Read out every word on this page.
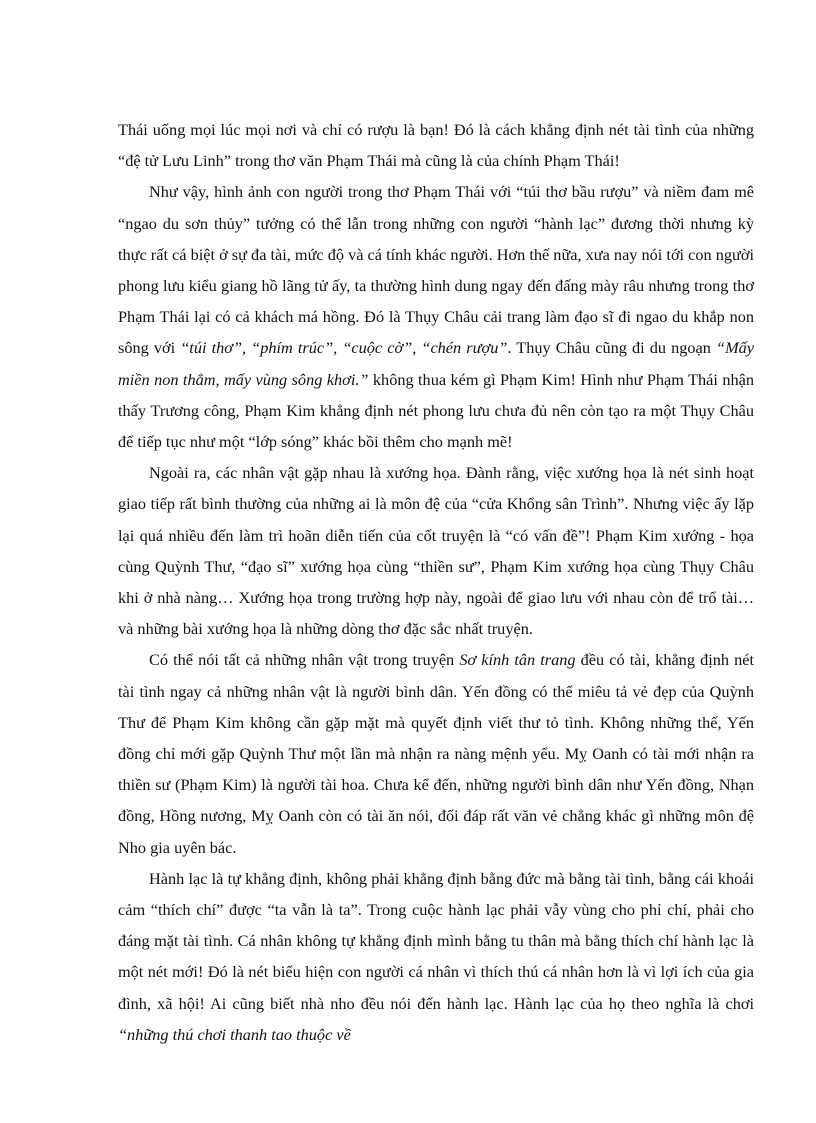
Thái uống mọi lúc mọi nơi và chỉ có rượu là bạn! Đó là cách khẳng định nét tài tình của những “đệ tử Lưu Linh” trong thơ văn Phạm Thái mà cũng là của chính Phạm Thái!

Như vậy, hình ảnh con người trong thơ Phạm Thái với “túi thơ bầu rượu” và niềm đam mê “ngao du sơn thủy” tưởng có thể lẫn trong những con người “hành lạc” đương thời nhưng kỳ thực rất cá biệt ở sự đa tài, mức độ và cá tính khác người. Hơn thế nữa, xưa nay nói tới con người phong lưu kiểu giang hồ lãng tử ấy, ta thường hình dung ngay đến đấng mày râu nhưng trong thơ Phạm Thái lại có cả khách má hồng. Đó là Thụy Châu cải trang làm đạo sĩ đi ngao du khắp non sông với “túi thơ”, “phím trúc”, “cuộc cờ”, “chén rượu”. Thụy Châu cũng đi du ngoạn “Mấy miền non thẳm, mấy vùng sông khơi.” không thua kém gì Phạm Kim! Hình như Phạm Thái nhận thấy Trương công, Phạm Kim khẳng định nét phong lưu chưa đủ nên còn tạo ra một Thụy Châu để tiếp tục như một “lớp sóng” khác bồi thêm cho mạnh mẽ!

Ngoài ra, các nhân vật gặp nhau là xướng họa. Đành rằng, việc xướng họa là nét sinh hoạt giao tiếp rất bình thường của những ai là môn đệ của “cửa Khổng sân Trình”. Nhưng việc ấy lặp lại quá nhiều đến làm trì hoãn diễn tiến của cốt truyện là “có vấn đề”! Phạm Kim xướng - họa cùng Quỳnh Thư, “đạo sĩ” xướng họa cùng “thiền sư”, Phạm Kim xướng họa cùng Thụy Châu khi ở nhà nàng… Xướng họa trong trường hợp này, ngoài để giao lưu với nhau còn để trổ tài… và những bài xướng họa là những dòng thơ đặc sắc nhất truyện.

Có thể nói tất cả những nhân vật trong truyện Sơ kính tân trang đều có tài, khẳng định nét tài tình ngay cả những nhân vật là người bình dân. Yến đồng có thể miêu tả vẻ đẹp của Quỳnh Thư để Phạm Kim không cần gặp mặt mà quyết định viết thư tỏ tình. Không những thế, Yến đồng chỉ mới gặp Quỳnh Thư một lần mà nhận ra nàng mệnh yểu. Mỵ Oanh có tài mới nhận ra thiền sư (Phạm Kim) là người tài hoa. Chưa kể đến, những người bình dân như Yến đồng, Nhạn đồng, Hồng nương, Mỵ Oanh còn có tài ăn nói, đối đáp rất văn vẻ chẳng khác gì những môn đệ Nho gia uyên bác.

Hành lạc là tự khẳng định, không phải khẳng định bằng đức mà bằng tài tình, bằng cái khoái cảm “thích chí” được “ta vẫn là ta”. Trong cuộc hành lạc phải vẫy vùng cho phỉ chí, phải cho đáng mặt tài tình. Cá nhân không tự khẳng định mình bằng tu thân mà bằng thích chí hành lạc là một nét mới! Đó là nét biểu hiện con người cá nhân vì thích thú cá nhân hơn là vì lợi ích của gia đình, xã hội! Ai cũng biết nhà nho đều nói đến hành lạc. Hành lạc của họ theo nghĩa là chơi “những thú chơi thanh tao thuộc về
